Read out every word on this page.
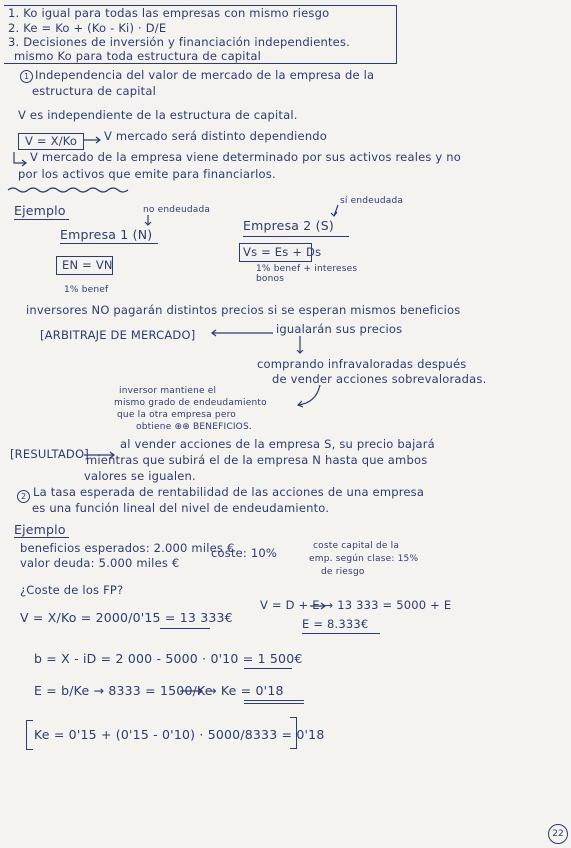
1. Ko igual para todas las empresas con mismo riesgo
2. Ke = Ko + (Ko - Ki) · D/E
3. Decisiones de inversión y financiación independientes.
mismo Ko para toda estructura de capital
1 Independencia del valor de mercado de la empresa de la
estructura de capital
V es independiente de la estructura de capital.
V = X/Ko V mercado será distinto dependiendo
V mercado de la empresa viene determinado por sus activos reales y no
por los activos que emite para financiarlos.
Ejemplo	no endeudada
sí endeudada
Empresa 1 (N)
Empresa 2 (S)
EN = VN
Vs = Es + Ds
1% benef
1% benef + intereses bonos
inversores NO pagarán distintos precios si se esperan mismos beneficios
[ARBITRAJE DE MERCADO]	igualarán sus precios
comprando infravaloradas después
de vender acciones sobrevaloradas.
inversor mantiene el
mismo grado de endeudamiento
que la otra empresa pero
obtiene ⊕⊕ BENEFICIOS.
[RESULTADO]
al vender acciones de la empresa S, su precio bajará
mientras que subirá el de la empresa N hasta que ambos
valores se igualen.
2 La tasa esperada de rentabilidad de las acciones de una empresa
es una función lineal del nivel de endeudamiento.
Ejemplo
beneficios esperados: 2.000 miles €
valor deuda: 5.000 miles €
coste: 10%	coste capital de la
emp. según clase: 15%
de riesgo
¿Coste de los FP?
V = X/Ko = 2000/0'15 = 13 333€
V = D + E → 13 333 = 5000 + E
E = 8.333€
b = X - iD = 2 000 - 5000 · 0'10 = 1 500€
E = b/Ke → 8333 = 1500/Ke
→ Ke = 0'18
Ke = 0'15 + (0'15 - 0'10) · 5000/8333 = 0'18
22
